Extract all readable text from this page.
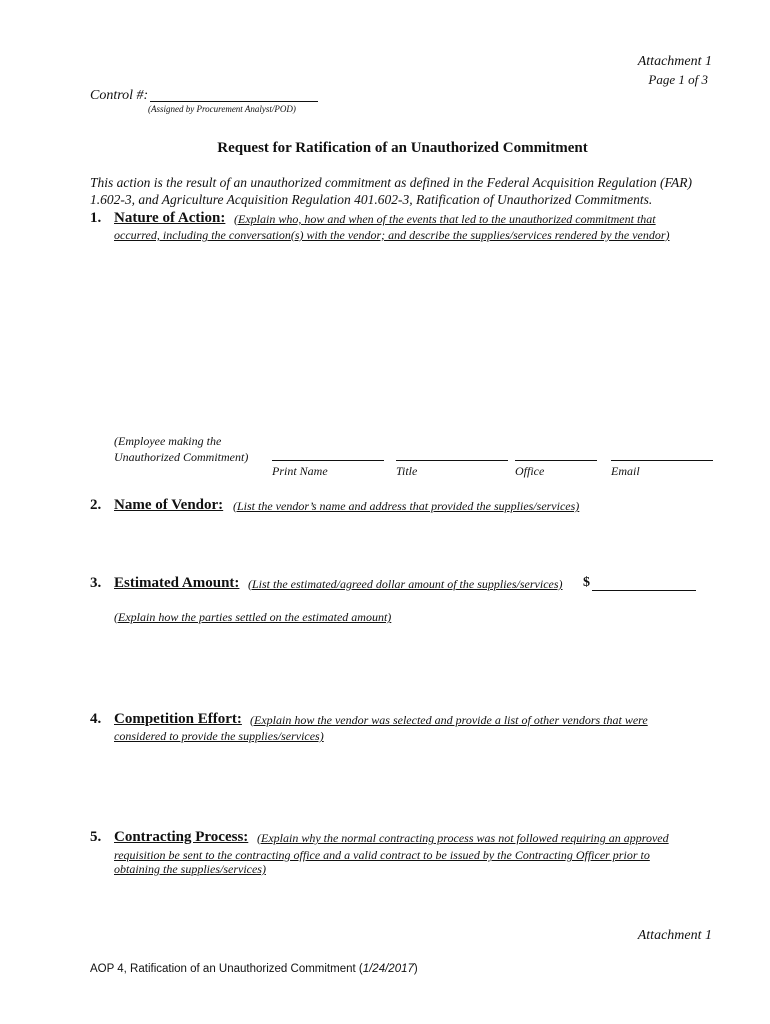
Attachment 1
Page 1 of 3
Control #:
(Assigned by Procurement Analyst/POD)
Request for Ratification of an Unauthorized Commitment
This action is the result of an unauthorized commitment as defined in the Federal Acquisition Regulation (FAR)
1.602-3, and Agriculture Acquisition Regulation 401.602-3, Ratification of Unauthorized Commitments.
1. Nature of Action: (Explain who, how and when of the events that led to the unauthorized commitment that
occurred, including the conversation(s) with the vendor; and describe the supplies/services rendered by the vendor)
(Employee making the
Unauthorized Commitment)
Print Name	Title	Office	Email
2. Name of Vendor: (List the vendor’s name and address that provided the supplies/services)
3. Estimated Amount: (List the estimated/agreed dollar amount of the supplies/services) $
(Explain how the parties settled on the estimated amount)
4. Competition Effort: (Explain how the vendor was selected and provide a list of other vendors that were
considered to provide the supplies/services)
5. Contracting Process: (Explain why the normal contracting process was not followed requiring an approved
requisition be sent to the contracting office and a valid contract to be issued by the Contracting Officer prior to
obtaining the supplies/services)
Attachment 1
AOP 4, Ratification of an Unauthorized Commitment (1/24/2017)
